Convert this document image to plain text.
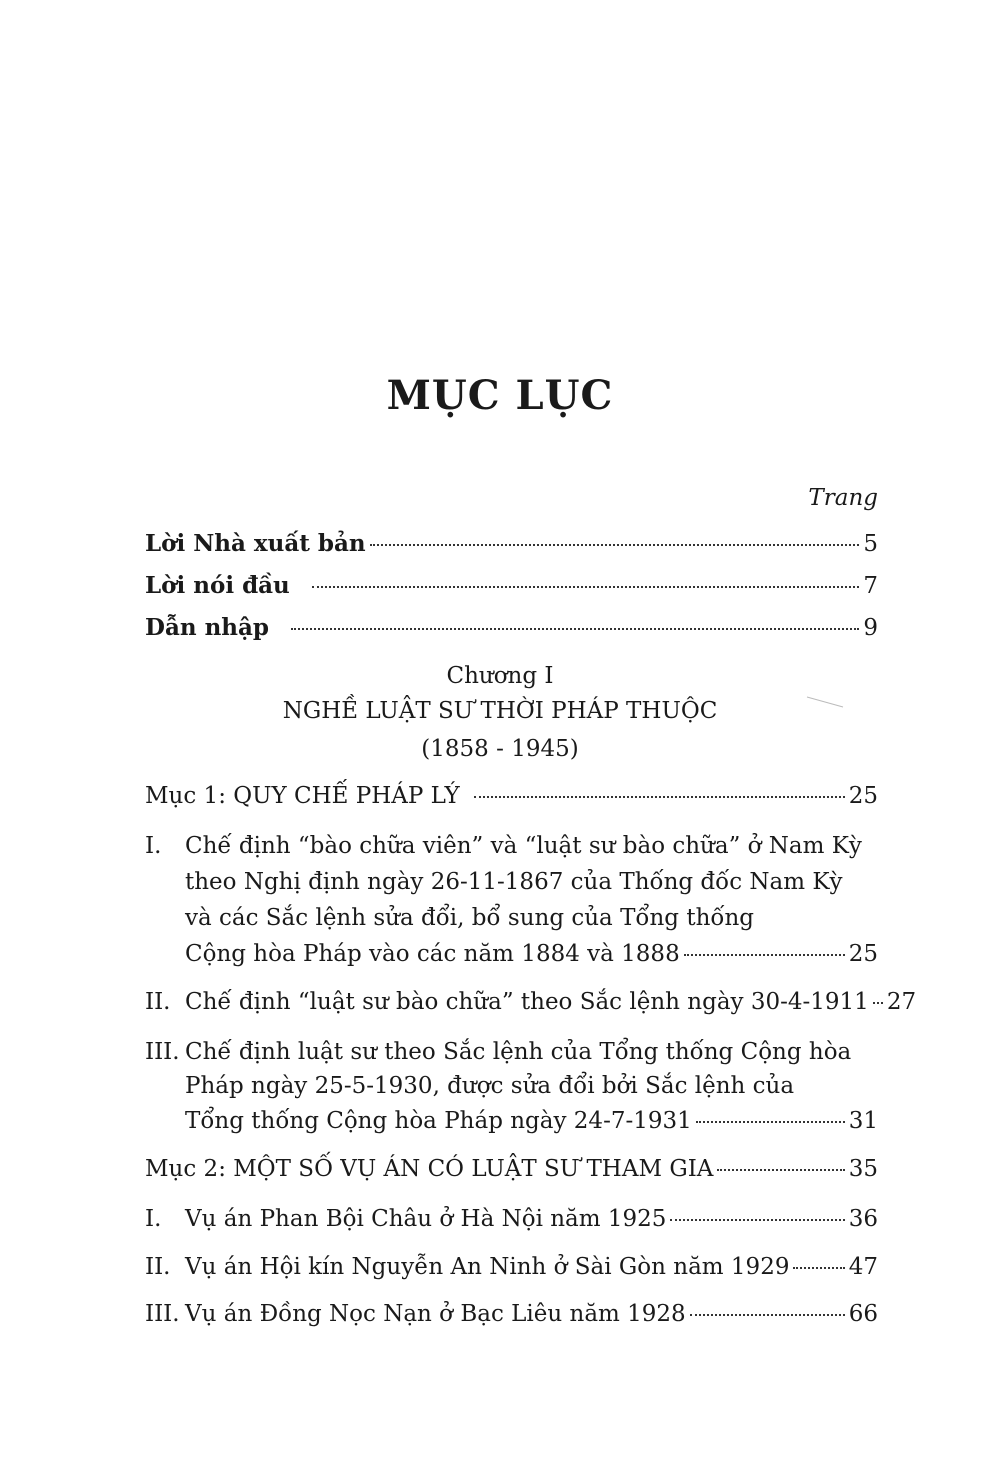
MỤC LỤC
Trang
Lời Nhà xuất bản	5
Lời nói đầu	7
Dẫn nhập	9
Chương I
NGHỀ LUẬT SƯ THỜI PHÁP THUỘC
(1858 - 1945)
Mục 1: QUY CHẾ PHÁP LÝ	25
I.	Chế định “bào chữa viên” và “luật sư bào chữa” ở Nam Kỳ
theo Nghị định ngày 26-11-1867 của Thống đốc Nam Kỳ
và các Sắc lệnh sửa đổi, bổ sung của Tổng thống
Cộng hòa Pháp vào các năm 1884 và 1888	25
II. Chế định “luật sư bào chữa” theo Sắc lệnh ngày 30-4-1911 27
III. Chế định luật sư theo Sắc lệnh của Tổng thống Cộng hòa
Pháp ngày 25-5-1930, được sửa đổi bởi Sắc lệnh của
Tổng thống Cộng hòa Pháp ngày 24-7-1931	31
Mục 2: MỘT SỐ VỤ ÁN CÓ LUẬT SƯ THAM GIA	35
I.	Vụ án Phan Bội Châu ở Hà Nội năm 1925	36
II. Vụ án Hội kín Nguyễn An Ninh ở Sài Gòn năm 1929	47
III. Vụ án Đồng Nọc Nạn ở Bạc Liêu năm 1928	66
